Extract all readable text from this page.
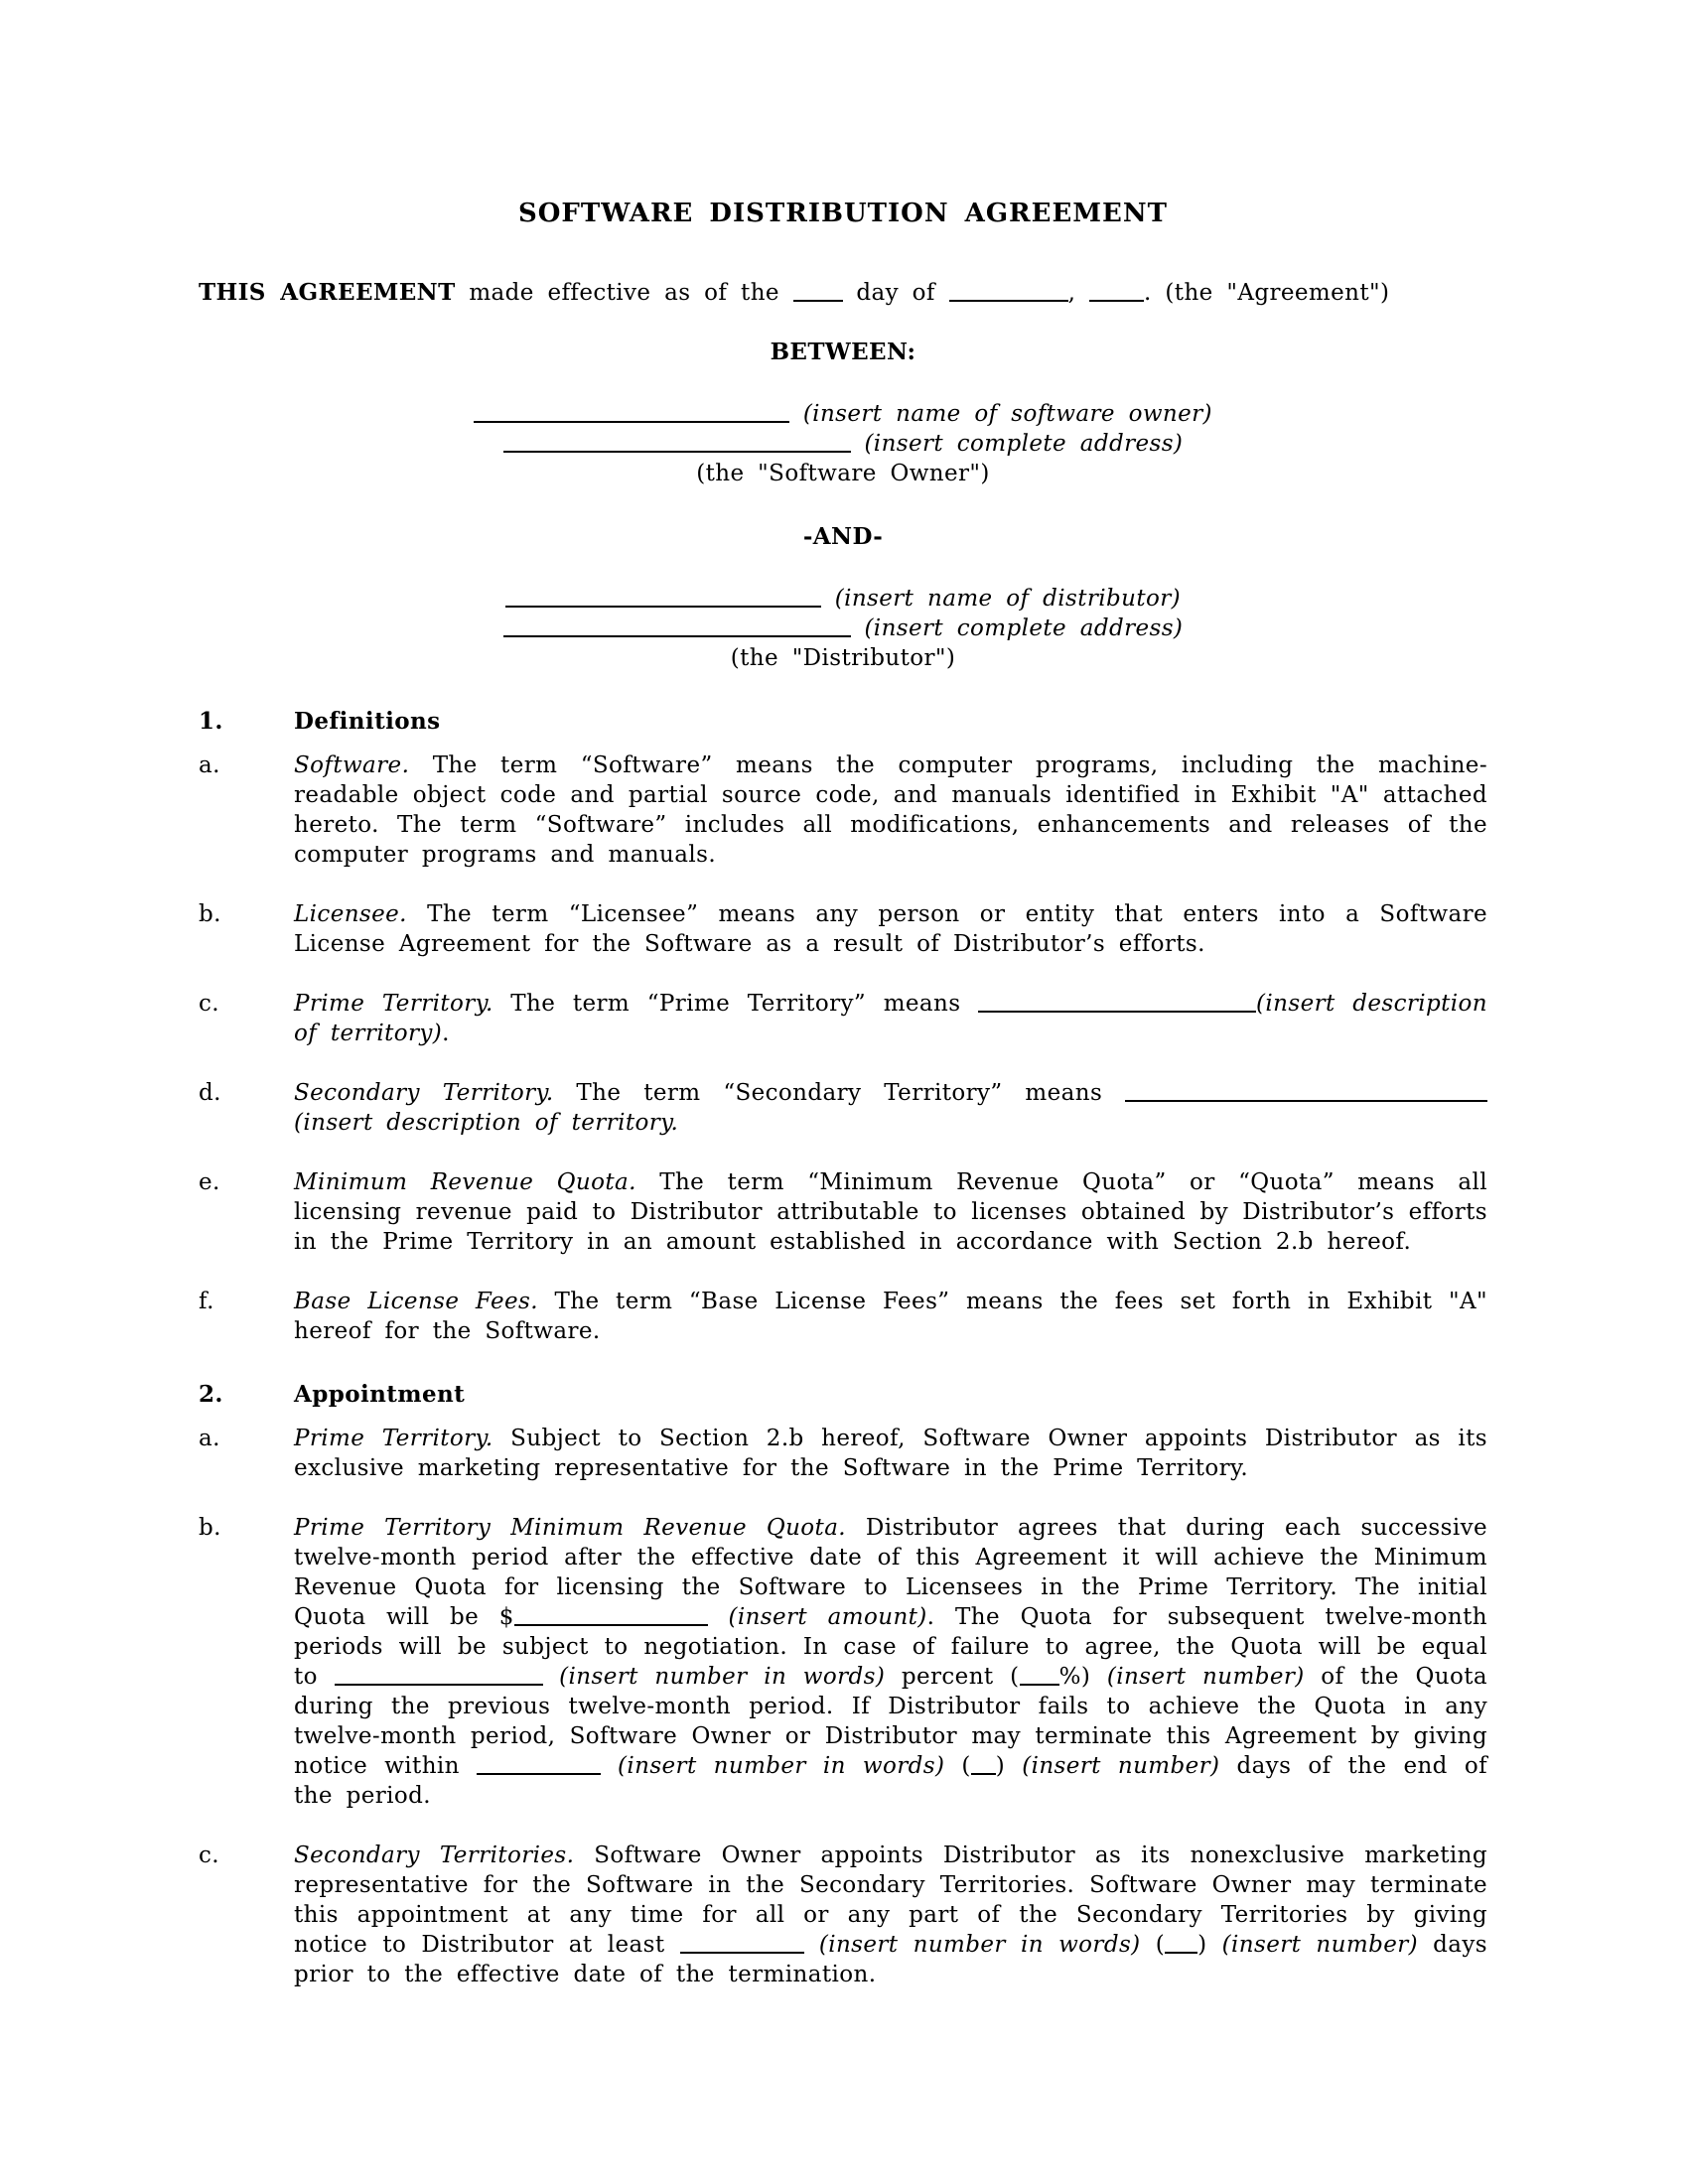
SOFTWARE DISTRIBUTION AGREEMENT

THIS AGREEMENT made effective as of the  day of	, . (the "Agreement")

BETWEEN:

(insert name of software owner)
(insert complete address)
(the "Software Owner")

-AND-

(insert name of distributor)
(insert complete address)
(the "Distributor")
1.	Definitions
a.	Software. The term “Software” means the computer programs, including the machine-readable object code and partial source code, and manuals identified in Exhibit "A" attached hereto. The term “Software” includes all modifications, enhancements and releases of the computer programs and manuals.

b.	Licensee. The term “Licensee” means any person or entity that enters into a Software License Agreement for the Software as a result of Distributor’s efforts.

c.	Prime Territory. The term “Prime Territory” means	(insert description of territory).

d.	Secondary Territory. The term “Secondary Territory” means  (insert description of territory.

e.	Minimum Revenue Quota. The term “Minimum Revenue Quota” or “Quota” means all licensing revenue paid to Distributor attributable to licenses obtained by Distributor’s efforts in the Prime Territory in an amount established in accordance with Section 2.b hereof.

f.	Base License Fees. The term “Base License Fees” means the fees set forth in Exhibit "A" hereof for the Software.

2.	Appointment
a.	Prime Territory. Subject to Section 2.b hereof, Software Owner appoints Distributor as its exclusive marketing representative for the Software in the Prime Territory.

b.	Prime Territory Minimum Revenue Quota. Distributor agrees that during each successive twelve-month period after the effective date of this Agreement it will achieve the Minimum Revenue Quota for licensing the Software to Licensees in the Prime Territory. The initial Quota will be $	(insert amount). The Quota for subsequent twelve-month periods will be subject to negotiation. In case of failure to agree, the Quota will be equal to	(insert number in words) percent ( %) (insert number) of the Quota during the previous twelve-month period. If Distributor fails to achieve the Quota in any twelve-month period, Software Owner or Distributor may terminate this Agreement by giving notice within	(insert number in words) ( ) (insert number) days of the end of the period.

c.	Secondary Territories. Software Owner appoints Distributor as its nonexclusive marketing representative for the Software in the Secondary Territories. Software Owner may terminate this appointment at any time for all or any part of the Secondary Territories by giving notice to Distributor at least	(insert number in words) ( ) (insert number) days prior to the effective date of the termination.
